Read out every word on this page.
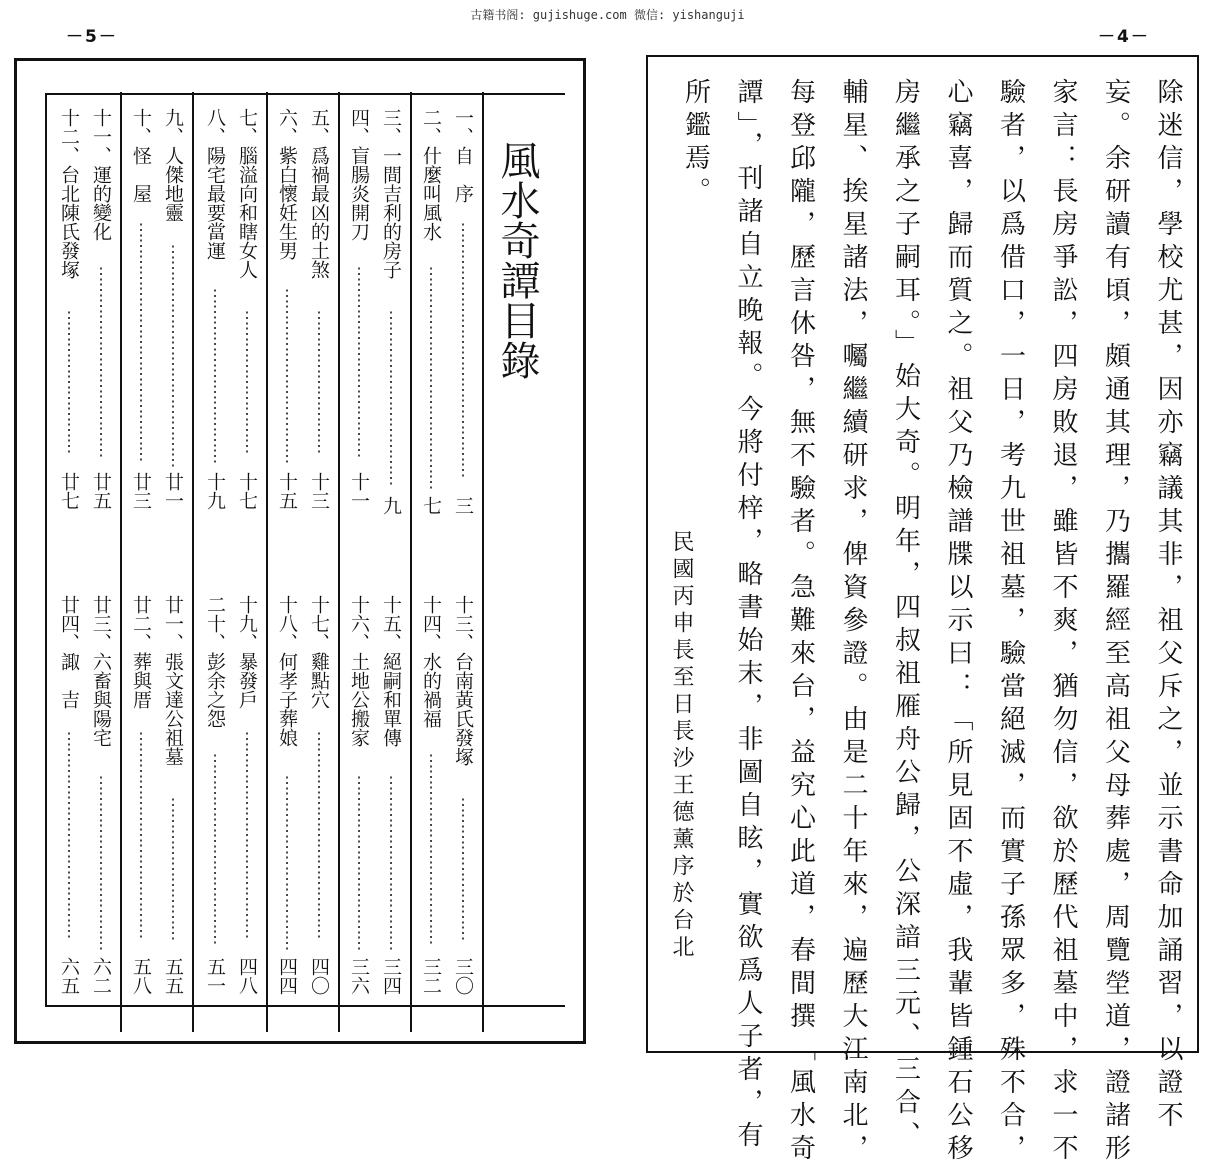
古籍书阁: gujishuge.com 微信: yishanguji
－5－	－4－
風水奇譚目錄
一、自　序
⋮
⋮
⋮
⋮
⋮
⋮
⋮
⋮
⋮
⋮
⋮
⋮
⋮
⋮
⋮
⋮
三
二、什麼叫風水
⋮
⋮
⋮
⋮
⋮
⋮
⋮
⋮
⋮
⋮
⋮
⋮
⋮
⋮
七
十三、台南黃氏發塚
⋮
⋮
⋮
⋮
⋮
⋮
⋮
⋮
⋮
三〇
十四、水的禍福
⋮
⋮
⋮
⋮
⋮
⋮
⋮
⋮
⋮
⋮
⋮
⋮
三二
三、一間吉利的房子
⋮
⋮
⋮
⋮
⋮
⋮
⋮
⋮
⋮
⋮
⋮
九
四、盲腸炎開刀
⋮
⋮
⋮
⋮
⋮
⋮
⋮
⋮
⋮
⋮
⋮
⋮
十一
十五、絕嗣和單傳
⋮
⋮
⋮
⋮
⋮
⋮
⋮
⋮
⋮
⋮
⋮
三四
十六、土地公搬家
⋮
⋮
⋮
⋮
⋮
⋮
⋮
⋮
⋮
⋮
⋮
三六
五、爲禍最凶的土煞
⋮
⋮
⋮
⋮
⋮
⋮
⋮
⋮
⋮
十三
六、紫白懷妊生男
⋮
⋮
⋮
⋮
⋮
⋮
⋮
⋮
⋮
⋮
⋮
十五
十七、雞點穴
⋮
⋮
⋮
⋮
⋮
⋮
⋮
⋮
⋮
⋮
⋮
⋮
⋮
四〇
十八、何孝子葬娘
⋮
⋮
⋮
⋮
⋮
⋮
⋮
⋮
⋮
⋮
⋮
四四
七、腦溢向和瞎女人
⋮
⋮
⋮
⋮
⋮
⋮
⋮
⋮
⋮
十七
八、陽宅最要當運
⋮
⋮
⋮
⋮
⋮
⋮
⋮
⋮
⋮
⋮
⋮
十九
十九、暴發戶
⋮
⋮
⋮
⋮
⋮
⋮
⋮
⋮
⋮
⋮
⋮
⋮
⋮
四八
二十、彭余之怨
⋮
⋮
⋮
⋮
⋮
⋮
⋮
⋮
⋮
⋮
⋮
⋮
五一
九、人傑地靈
⋮
⋮
⋮
⋮
⋮
⋮
⋮
⋮
⋮
⋮
⋮
⋮
⋮
⋮
廿一
十、怪　屋
⋮
⋮
⋮
⋮
⋮
⋮
⋮
⋮
⋮
⋮
⋮
⋮
⋮
⋮
⋮
廿三
廿一、張文達公祖墓
⋮
⋮
⋮
⋮
⋮
⋮
⋮
⋮
⋮
五五
廿二、葬與厝
⋮
⋮
⋮
⋮
⋮
⋮
⋮
⋮
⋮
⋮
⋮
⋮
⋮
五八
十一、運的變化
⋮
⋮
⋮
⋮
⋮
⋮
⋮
⋮
⋮
⋮
⋮
⋮
廿五
十二、台北陳氏發塚
⋮
⋮
⋮
⋮
⋮
⋮
⋮
⋮
⋮
廿七
廿三、六畜與陽宅
⋮
⋮
⋮
⋮
⋮
⋮
⋮
⋮
⋮
⋮
⋮
六二
廿四、諏　吉
⋮
⋮
⋮
⋮
⋮
⋮
⋮
⋮
⋮
⋮
⋮
⋮
⋮
六五	除迷信，學校尤甚，因亦竊議其非，祖父斥之，並示書命加誦習，以證不
妄。余研讀有頃，頗通其理，乃攜羅經至高祖父母葬處，周覽塋道，證諸形
家言：長房爭訟，四房敗退，雖皆不爽，猶勿信，欲於歷代祖墓中，求一不
驗者，以爲借口，一日，考九世祖墓，驗當絕滅，而實子孫眾多，殊不合，
心竊喜，歸而質之。祖父乃檢譜牒以示曰：「所見固不虛，我輩皆鍾石公移
房繼承之子嗣耳。」始大奇。明年，四叔祖雁舟公歸，公深諳三元、三合、
輔星、挨星諸法，囑繼續研求，俾資參證。由是二十年來，遍歷大江南北，
每登邱隴，歷言休咎，無不驗者。急難來台，益究心此道，春間撰「風水奇
譚」，刊諸自立晚報。今將付梓，略書始末，非圖自眩，實欲爲人子者，有
所鑑焉。
民國丙申長至日長沙王德薰序於台北
